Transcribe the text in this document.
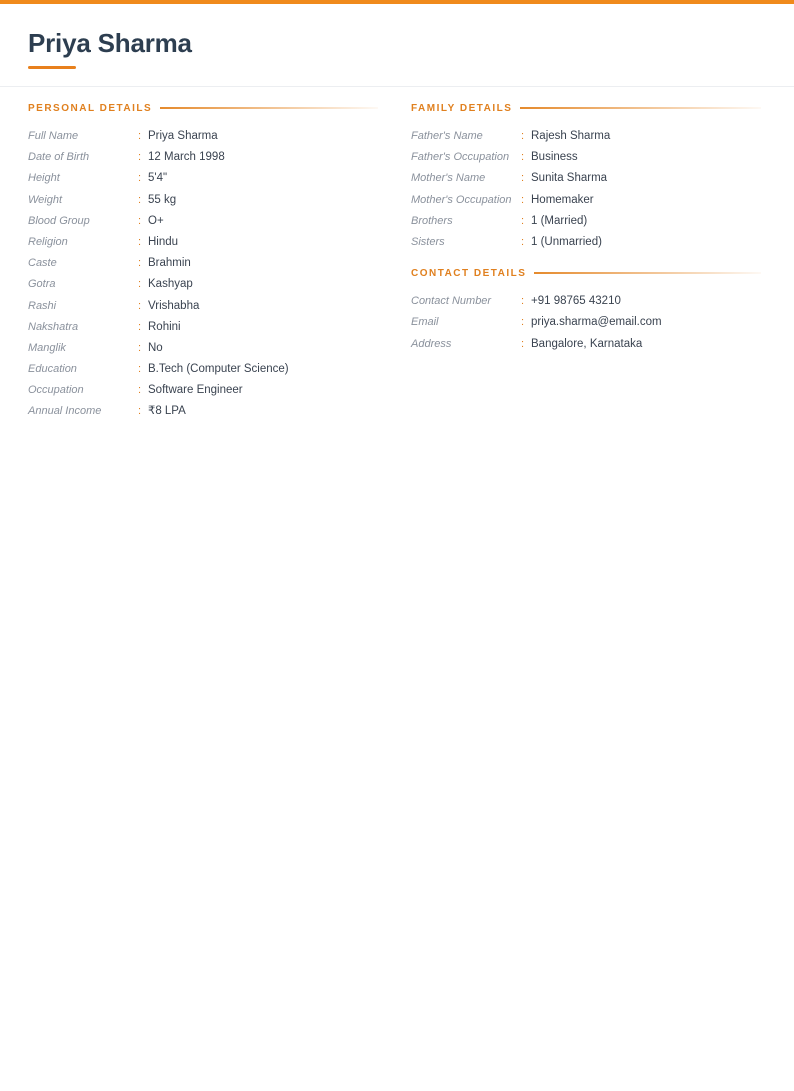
Priya Sharma
PERSONAL DETAILS
Full Name	: Priya Sharma
Date of Birth	: 12 March 1998
Height	: 5'4"
Weight	: 55 kg
Blood Group	: O+
Religion	: Hindu
Caste	: Brahmin
Gotra	: Kashyap
Rashi	: Vrishabha
Nakshatra	: Rohini
Manglik	: No
Education	: B.Tech (Computer Science)
Occupation	: Software Engineer
Annual Income	: ₹8 LPA
FAMILY DETAILS
Father's Name	: Rajesh Sharma
Father's Occupation	: Business
Mother's Name	: Sunita Sharma
Mother's Occupation : Homemaker
Brothers	: 1 (Married)
Sisters	: 1 (Unmarried)
CONTACT DETAILS
Contact Number	: +91 98765 43210
Email	: priya.sharma@email.com
Address	: Bangalore, Karnataka
